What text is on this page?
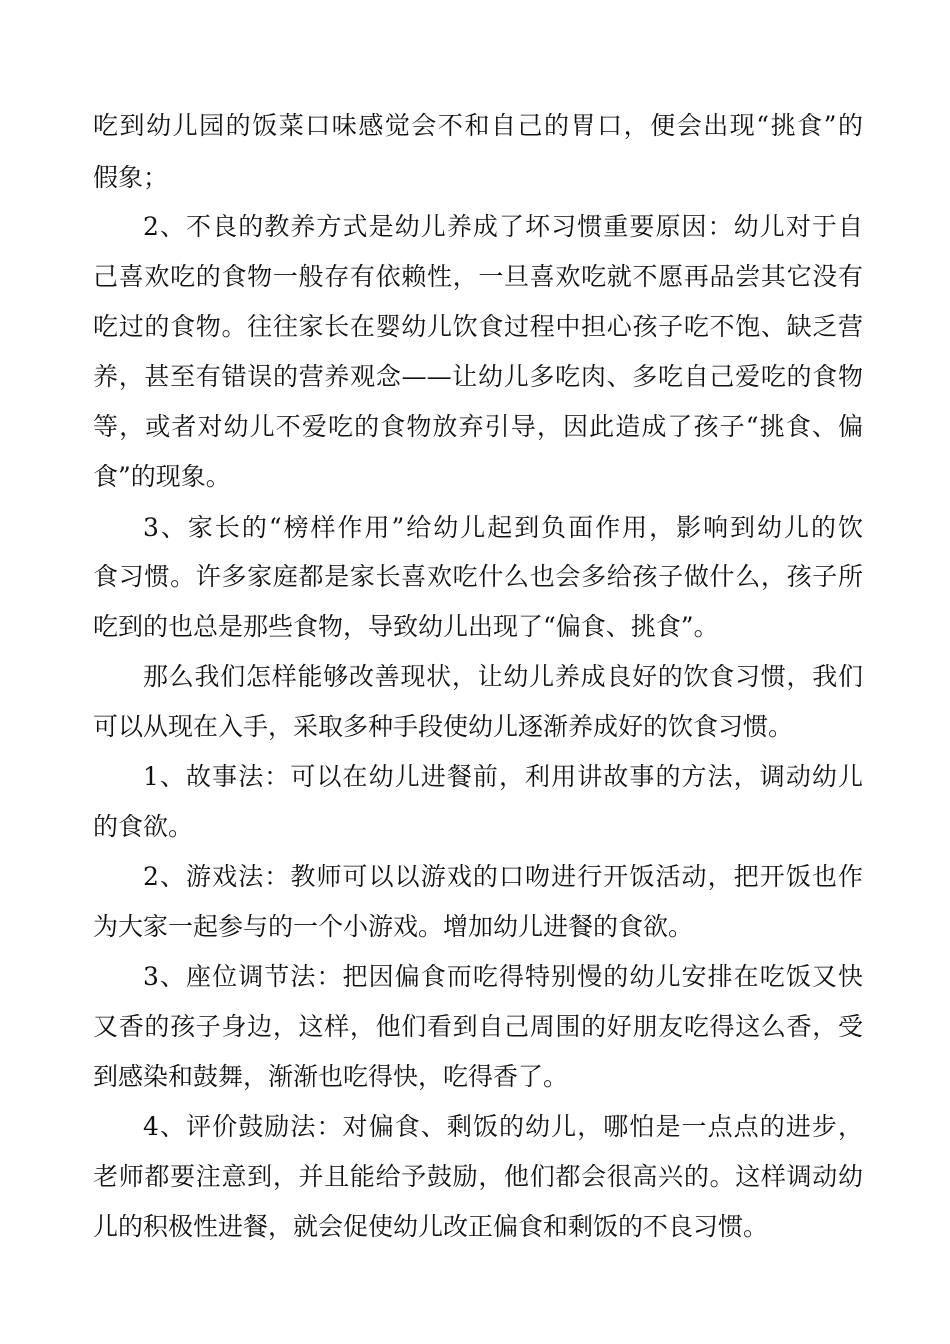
吃到幼儿园的饭菜口味感觉会不和自己的胃口，便会出现“挑食”的
假象；
2、不良的教养方式是幼儿养成了坏习惯重要原因：幼儿对于自
己喜欢吃的食物一般存有依赖性，一旦喜欢吃就不愿再品尝其它没有
吃过的食物。往往家长在婴幼儿饮食过程中担心孩子吃不饱、缺乏营
养，甚至有错误的营养观念——让幼儿多吃肉、多吃自己爱吃的食物
等，或者对幼儿不爱吃的食物放弃引导，因此造成了孩子“挑食、偏
食”的现象。
3、家长的“榜样作用”给幼儿起到负面作用，影响到幼儿的饮
食习惯。许多家庭都是家长喜欢吃什么也会多给孩子做什么，孩子所
吃到的也总是那些食物，导致幼儿出现了“偏食、挑食”。
那么我们怎样能够改善现状，让幼儿养成良好的饮食习惯，我们
可以从现在入手，采取多种手段使幼儿逐渐养成好的饮食习惯。
1、故事法：可以在幼儿进餐前，利用讲故事的方法，调动幼儿
的食欲。
2、游戏法：教师可以以游戏的口吻进行开饭活动，把开饭也作
为大家一起参与的一个小游戏。增加幼儿进餐的食欲。
3、座位调节法：把因偏食而吃得特别慢的幼儿安排在吃饭又快
又香的孩子身边，这样，他们看到自己周围的好朋友吃得这么香，受
到感染和鼓舞，渐渐也吃得快，吃得香了。
4、评价鼓励法：对偏食、剩饭的幼儿，哪怕是一点点的进步，
老师都要注意到，并且能给予鼓励，他们都会很高兴的。这样调动幼
儿的积极性进餐，就会促使幼儿改正偏食和剩饭的不良习惯。
